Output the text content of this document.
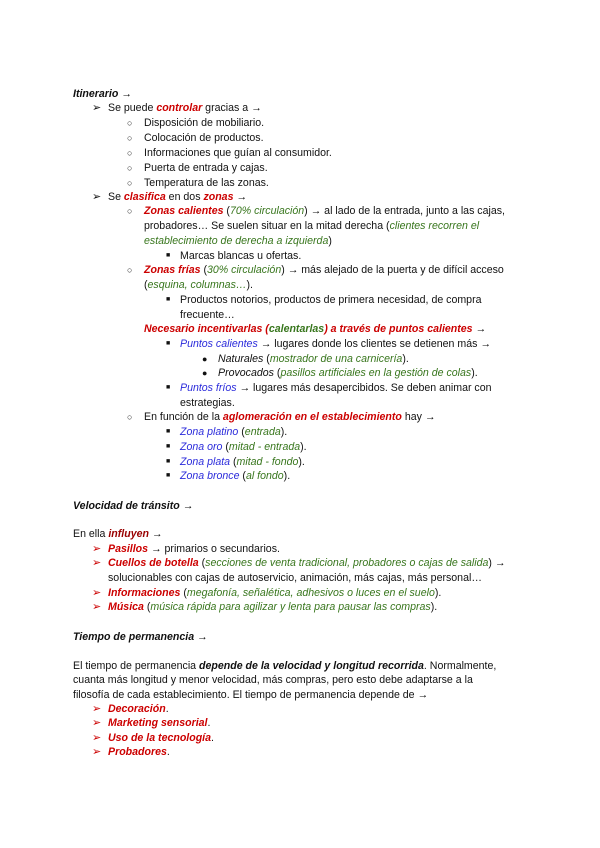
Itinerario →
➢ Se puede controlar gracias a →
○ Disposición de mobiliario.
○ Colocación de productos.
○ Informaciones que guían al consumidor.
○ Puerta de entrada y cajas.
○ Temperatura de las zonas.
➢ Se clasifica en dos zonas →
○ Zonas calientes (70% circulación) → al lado de la entrada, junto a las cajas,
probadores… Se suelen situar en la mitad derecha (clientes recorren el
establecimiento de derecha a izquierda)
■ Marcas blancas u ofertas.
○ Zonas frías (30% circulación) → más alejado de la puerta y de difícil acceso
(esquina, columnas…).
■ Productos notorios, productos de primera necesidad, de compra
frecuente…
Necesario incentivarlas (calentarlas) a través de puntos calientes →
■ Puntos calientes → lugares donde los clientes se detienen más →
● Naturales (mostrador de una carnicería).
● Provocados (pasillos artificiales en la gestión de colas).
■ Puntos fríos → lugares más desapercibidos. Se deben animar con
estrategias.
○ En función de la aglomeración en el establecimiento hay →
■ Zona platino (entrada).
■ Zona oro (mitad - entrada).
■ Zona plata (mitad - fondo).
■ Zona bronce (al fondo).
Velocidad de tránsito →
En ella influyen →
➢ Pasillos → primarios o secundarios.
➢ Cuellos de botella (secciones de venta tradicional, probadores o cajas de salida) →
solucionables con cajas de autoservicio, animación, más cajas, más personal…
➢ Informaciones (megafonía, señalética, adhesivos o luces en el suelo).
➢ Música (música rápida para agilizar y lenta para pausar las compras).
Tiempo de permanencia →
El tiempo de permanencia depende de la velocidad y longitud recorrida. Normalmente,
cuanta más longitud y menor velocidad, más compras, pero esto debe adaptarse a la
filosofía de cada establecimiento. El tiempo de permanencia depende de →
➢ Decoración.
➢ Marketing sensorial.
➢ Uso de la tecnología.
➢ Probadores.
